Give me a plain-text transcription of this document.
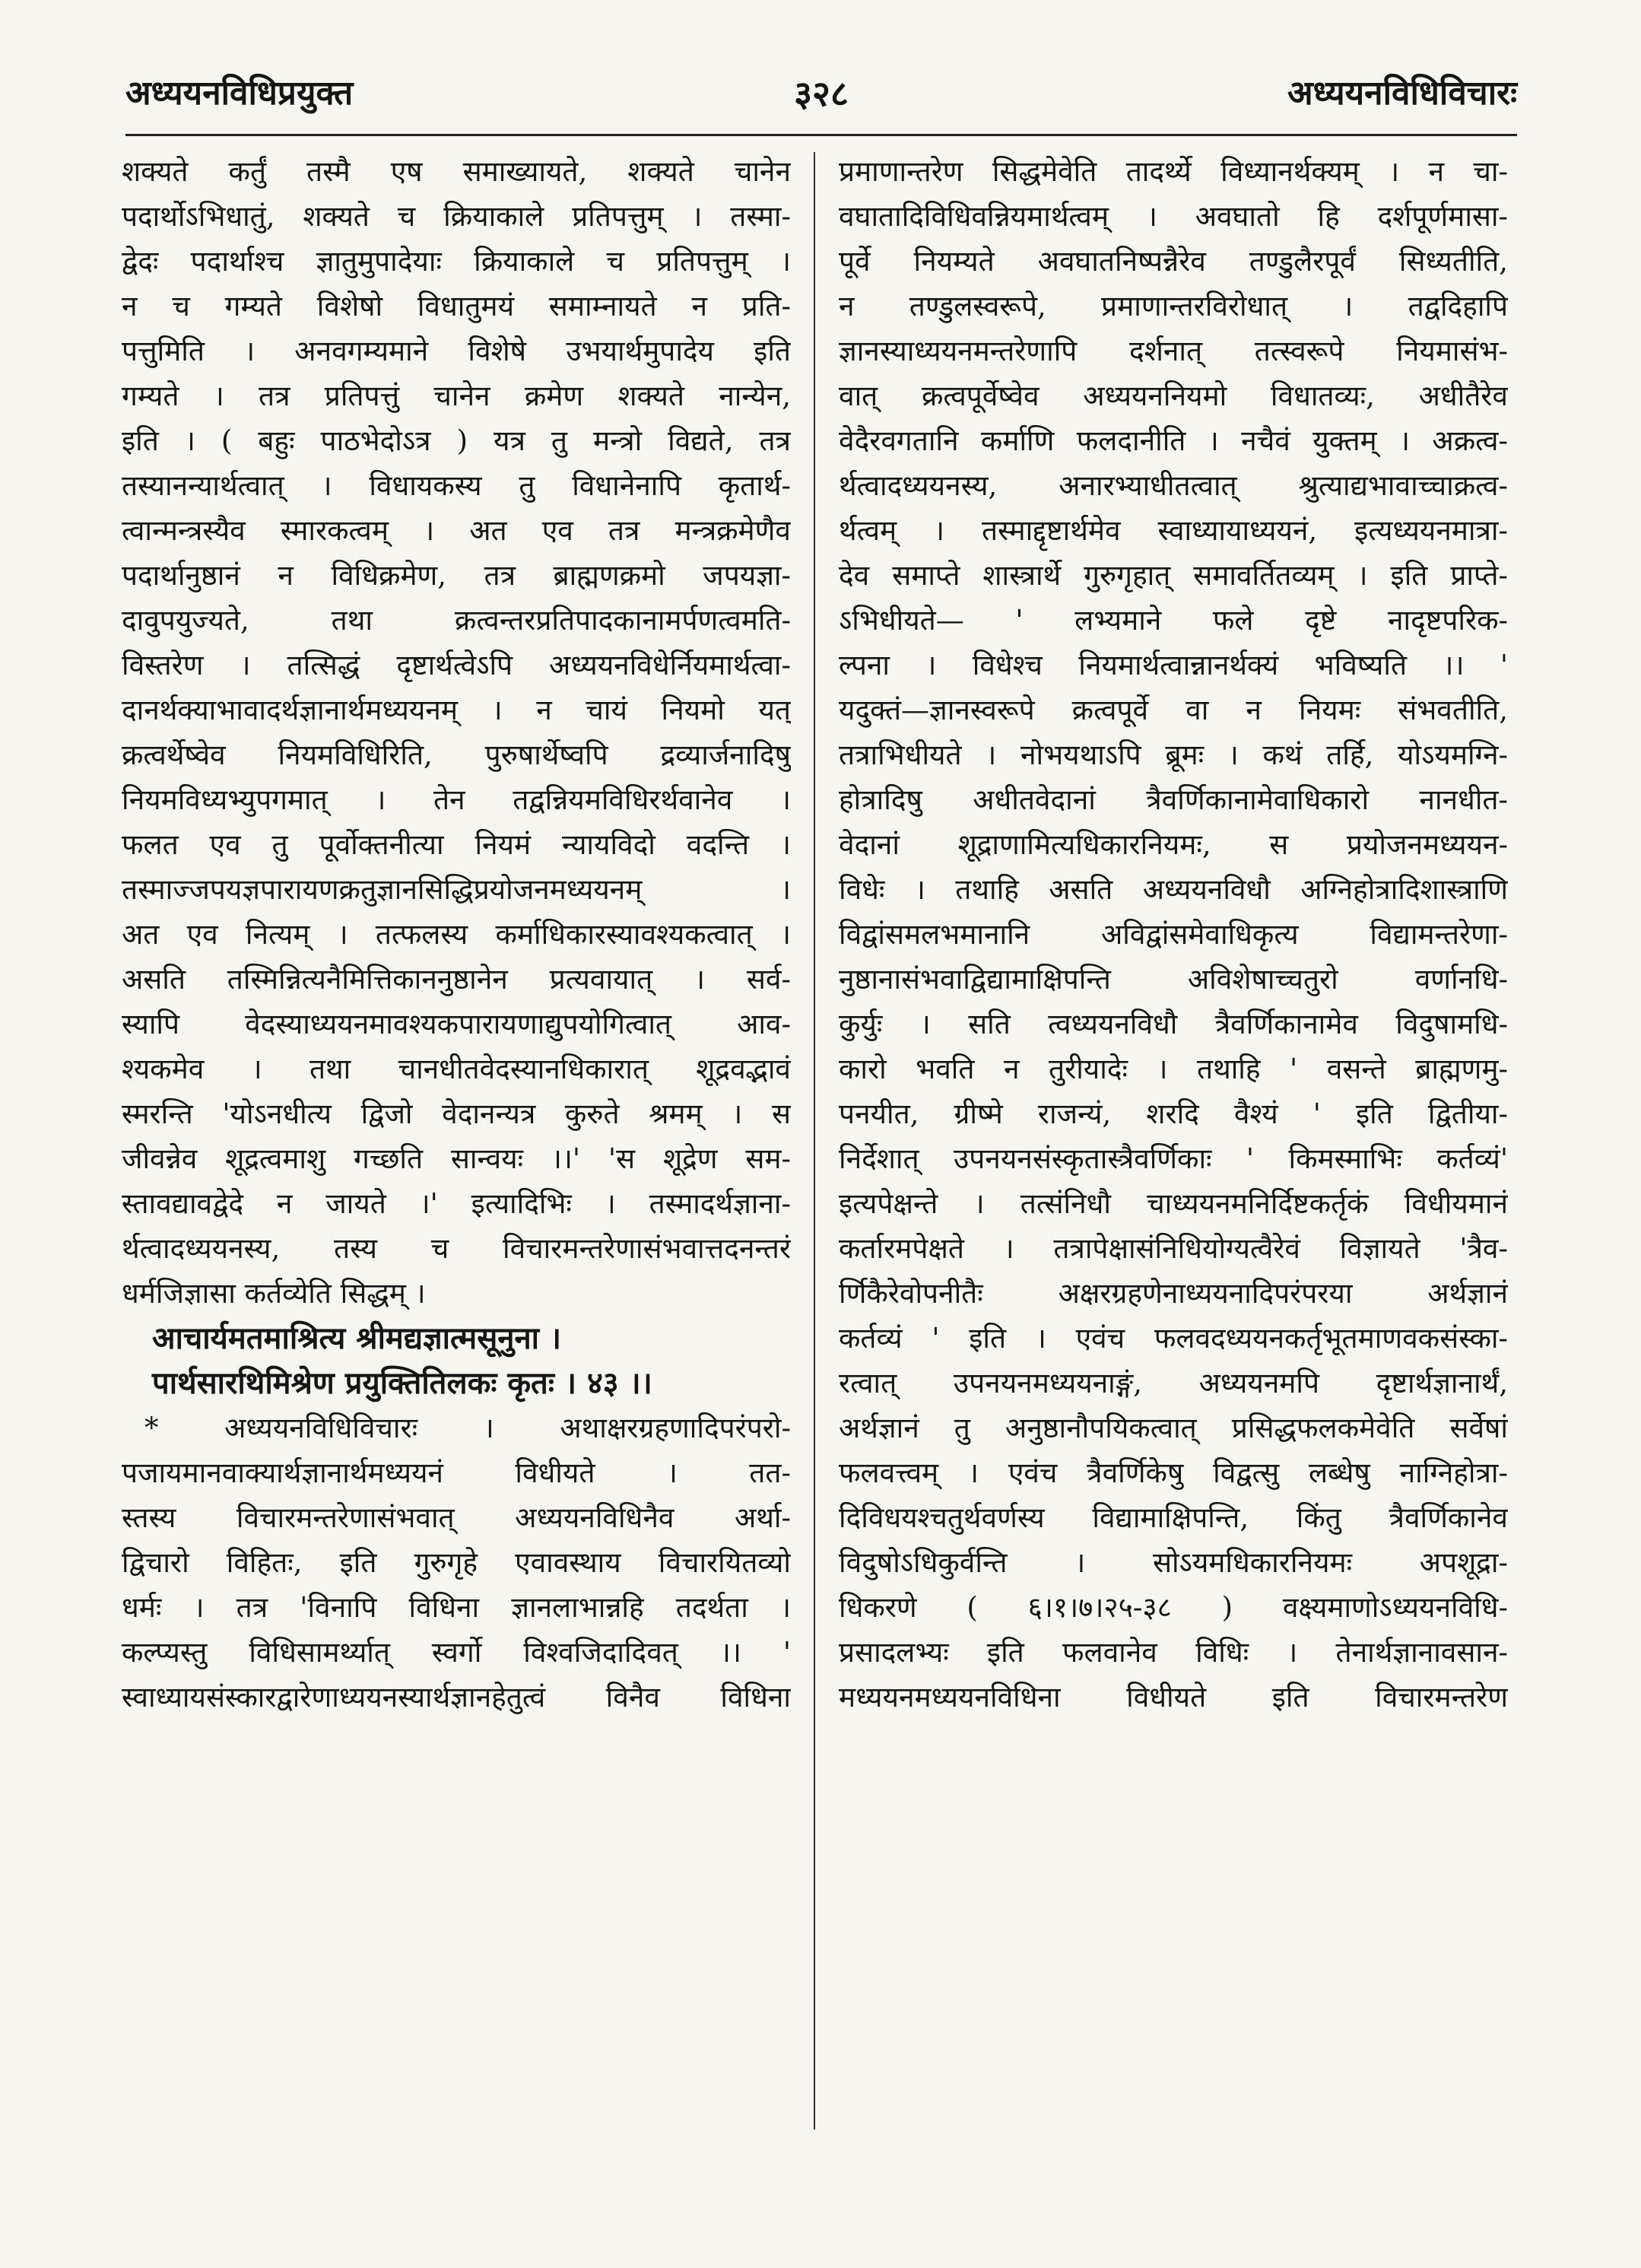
अध्ययनविधिप्रयुक्त	३२८	अध्ययनविधिविचारः
शक्यते कर्तुं तस्मै एष समाख्यायते, शक्यते चानेन
पदार्थोऽभिधातुं, शक्यते च क्रियाकाले प्रतिपत्तुम् । तस्मा-
द्वेदः पदार्थाश्च ज्ञातुमुपादेयाः क्रियाकाले च प्रतिपत्तुम् ।
न च गम्यते विशेषो विधातुमयं समाम्नायते न प्रति-
पत्तुमिति । अनवगम्यमाने विशेषे उभयार्थमुपादेय इति
गम्यते । तत्र प्रतिपत्तुं चानेन क्रमेण शक्यते नान्येन,
इति । ( बहुः पाठभेदोऽत्र ) यत्र तु मन्त्रो विद्यते, तत्र
तस्यानन्यार्थत्वात् । विधायकस्य तु विधानेनापि कृतार्थ-
त्वान्मन्त्रस्यैव स्मारकत्वम् । अत एव तत्र मन्त्रक्रमेणैव
पदार्थानुष्ठानं न विधिक्रमेण, तत्र ब्राह्मणक्रमो जपयज्ञा-
दावुपयुज्यते, तथा क्रत्वन्तरप्रतिपादकानामर्पणत्वमति-
विस्तरेण । तत्सिद्धं दृष्टार्थत्वेऽपि अध्ययनविधेर्नियमार्थत्वा-
दानर्थक्याभावादर्थज्ञानार्थमध्ययनम् । न चायं नियमो यत्
क्रत्वर्थेष्वेव नियमविधिरिति, पुरुषार्थेष्वपि द्रव्यार्जनादिषु
नियमविध्यभ्युपगमात् । तेन तद्वन्नियमविधिरर्थवानेव ।
फलत एव तु पूर्वोक्तनीत्या नियमं न्यायविदो वदन्ति ।
तस्माज्जपयज्ञपारायणक्रतुज्ञानसिद्धिप्रयोजनमध्ययनम् ।
अत एव नित्यम् । तत्फलस्य कर्माधिकारस्यावश्यकत्वात् ।
असति तस्मिन्नित्यनैमित्तिकाननुष्ठानेन प्रत्यवायात् । सर्व-
स्यापि वेदस्याध्ययनमावश्यकपारायणाद्युपयोगित्वात् आव-
श्यकमेव । तथा चानधीतवेदस्यानधिकारात् शूद्रवद्भावं
स्मरन्ति 'योऽनधीत्य द्विजो वेदानन्यत्र कुरुते श्रमम् । स
जीवन्नेव शूद्रत्वमाशु गच्छति सान्वयः ।।' 'स शूद्रेण सम-
स्तावद्यावद्वेदे न जायते ।' इत्यादिभिः । तस्मादर्थज्ञाना-
र्थत्वादध्ययनस्य, तस्य च विचारमन्तरेणासंभवात्तदनन्तरं
धर्मजिज्ञासा कर्तव्येति सिद्धम् ।
आचार्यमतमाश्रित्य श्रीमद्यज्ञात्मसूनुना ।
पार्थसारथिमिश्रेण प्रयुक्तितिलकः कृतः । ४३ ।।
* अध्ययनविधिविचारः । अथाक्षरग्रहणादिपरंपरो-
पजायमानवाक्यार्थज्ञानार्थमध्ययनं विधीयते । तत-
स्तस्य विचारमन्तरेणासंभवात् अध्ययनविधिनैव अर्था-
द्विचारो विहितः, इति गुरुगृहे एवावस्थाय विचारयितव्यो
धर्मः । तत्र 'विनापि विधिना ज्ञानलाभान्नहि तदर्थता ।
कल्प्यस्तु विधिसामर्थ्यात् स्वर्गो विश्वजिदादिवत् ।। '
स्वाध्यायसंस्कारद्वारेणाध्ययनस्यार्थज्ञानहेतुत्वं विनैव विधिना
प्रमाणान्तरेण सिद्धमेवेति तादर्थ्ये विध्यानर्थक्यम् । न चा-
वघातादिविधिवन्नियमार्थत्वम् । अवघातो हि दर्शपूर्णमासा-
पूर्वे नियम्यते अवघातनिष्पन्नैरेव तण्डुलैरपूर्वं सिध्यतीति,
न तण्डुलस्वरूपे, प्रमाणान्तरविरोधात् । तद्वदिहापि
ज्ञानस्याध्ययनमन्तरेणापि दर्शनात् तत्स्वरूपे नियमासंभ-
वात् क्रत्वपूर्वेष्वेव अध्ययननियमो विधातव्यः, अधीतैरेव
वेदैरवगतानि कर्माणि फलदानीति । नचैवं युक्तम् । अक्रत्व-
र्थत्वादध्ययनस्य, अनारभ्याधीतत्वात् श्रुत्याद्यभावाच्चाक्रत्व-
र्थत्वम् । तस्माद्दृष्टार्थमेव स्वाध्यायाध्ययनं, इत्यध्ययनमात्रा-
देव समाप्ते शास्त्रार्थे गुरुगृहात् समावर्तितव्यम् । इति प्राप्ते-
ऽभिधीयते— ' लभ्यमाने फले दृष्टे नादृष्टपरिक-
ल्पना । विधेश्च नियमार्थत्वान्नानर्थक्यं भविष्यति ।। '
यदुक्तं—ज्ञानस्वरूपे क्रत्वपूर्वे वा न नियमः संभवतीति,
तत्राभिधीयते । नोभयथाऽपि ब्रूमः । कथं तर्हि, योऽयमग्नि-
होत्रादिषु अधीतवेदानां त्रैवर्णिकानामेवाधिकारो नानधीत-
वेदानां शूद्राणामित्यधिकारनियमः, स प्रयोजनमध्ययन-
विधेः । तथाहि असति अध्ययनविधौ अग्निहोत्रादिशास्त्राणि
विद्वांसमलभमानानि अविद्वांसमेवाधिकृत्य विद्यामन्तरेणा-
नुष्ठानासंभवाद्विद्यामाक्षिपन्ति अविशेषाच्चतुरो वर्णानधि-
कुर्युः । सति त्वध्ययनविधौ त्रैवर्णिकानामेव विदुषामधि-
कारो भवति न तुरीयादेः । तथाहि ' वसन्ते ब्राह्मणमु-
पनयीत, ग्रीष्मे राजन्यं, शरदि वैश्यं ' इति द्वितीया-
निर्देशात् उपनयनसंस्कृतास्त्रैवर्णिकाः ' किमस्माभिः कर्तव्यं'
इत्यपेक्षन्ते । तत्संनिधौ चाध्ययनमनिर्दिष्टकर्तृकं विधीयमानं
कर्तारमपेक्षते । तत्रापेक्षासंनिधियोग्यत्वैरेवं विज्ञायते 'त्रैव-
र्णिकैरेवोपनीतैः अक्षरग्रहणेनाध्ययनादिपरंपरया अर्थज्ञानं
कर्तव्यं ' इति । एवंच फलवदध्ययनकर्तृभूतमाणवकसंस्का-
रत्वात् उपनयनमध्ययनाङ्गं, अध्ययनमपि दृष्टार्थज्ञानार्थं,
अर्थज्ञानं तु अनुष्ठानौपयिकत्वात् प्रसिद्धफलकमेवेति सर्वेषां
फलवत्त्वम् । एवंच त्रैवर्णिकेषु विद्वत्सु लब्धेषु नाग्निहोत्रा-
दिविधयश्चतुर्थवर्णस्य विद्यामाक्षिपन्ति, किंतु त्रैवर्णिकानेव
विदुषोऽधिकुर्वन्ति । सोऽयमधिकारनियमः अपशूद्रा-
धिकरणे ( ६।१।७।२५-३८ ) वक्ष्यमाणोऽध्ययनविधि-
प्रसादलभ्यः इति फलवानेव विधिः । तेनार्थज्ञानावसान-
मध्ययनमध्ययनविधिना विधीयते इति विचारमन्तरेण
